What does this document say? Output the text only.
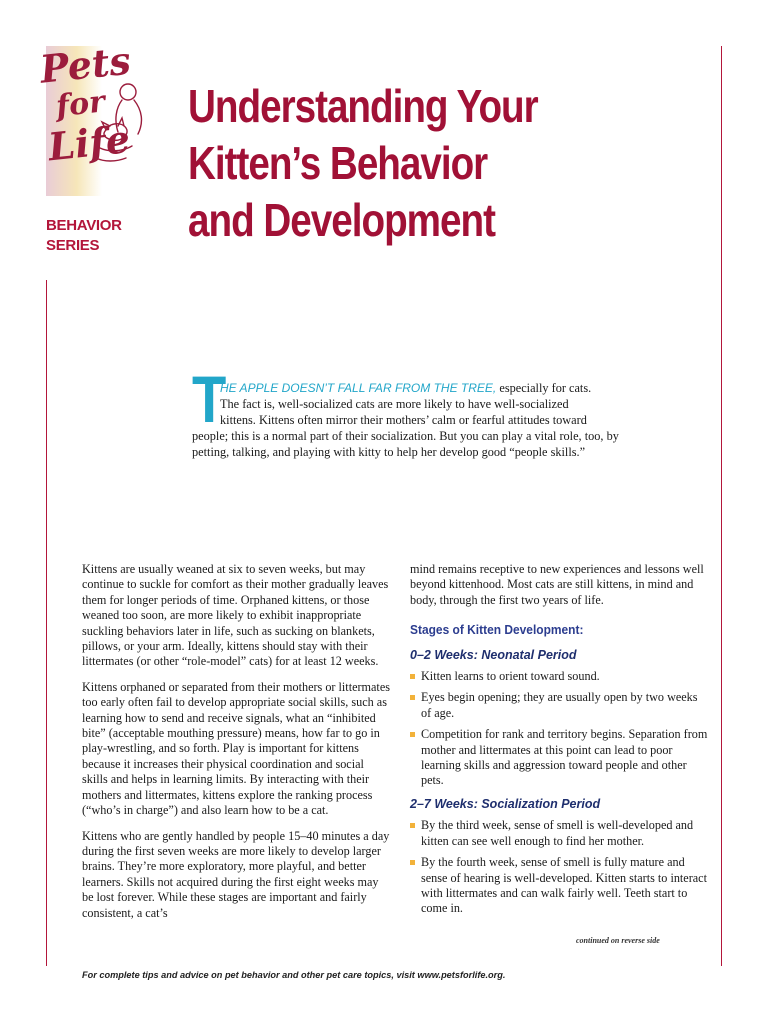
Pets
for
Life
BEHAVIOR
SERIES
Understanding Your
Kitten’s Behavior
and Development
T
HE APPLE DOESN’T FALL FAR FROM THE TREE, especially for cats.
The fact is, well-socialized cats are more likely to have well-socialized
kittens. Kittens often mirror their mothers’ calm or fearful attitudes toward
people; this is a normal part of their socialization. But you can play a vital role, too, by petting, talking, and playing with kitty to help her develop good “people skills.”

Kittens are usually weaned at six to seven weeks, but may continue to suckle for comfort as their mother gradually leaves them for longer periods of time. Orphaned kittens, or those weaned too soon, are more likely to exhibit inappropriate suckling behaviors later in life, such as sucking on blankets, pillows, or your arm. Ideally, kittens should stay with their littermates (or other “role-model” cats) for at least 12 weeks.

Kittens orphaned or separated from their mothers or littermates too early often fail to develop appropriate social skills, such as learning how to send and receive signals, what an “inhibited bite” (acceptable mouthing pressure) means, how far to go in play-wrestling, and so forth. Play is important for kittens because it increases their physical coordination and social skills and helps in learning limits. By interacting with their mothers and littermates, kittens explore the ranking process (“who’s in charge”) and also learn how to be a cat.

Kittens who are gently handled by people 15–40 minutes a day during the first seven weeks are more likely to develop larger brains. They’re more exploratory, more playful, and better learners. Skills not acquired during the first eight weeks may be lost forever. While these stages are important and fairly consistent, a cat’s

mind remains receptive to new experiences and lessons well beyond kittenhood. Most cats are still kittens, in mind and body, through the first two years of life.

Stages of Kitten Development:
0–2 Weeks: Neonatal Period
Kitten learns to orient toward sound.
Eyes begin opening; they are usually open by two weeks of age.
Competition for rank and territory begins. Separation from mother and littermates at this point can lead to poor learning skills and aggression toward people and other pets.
2–7 Weeks: Socialization Period
By the third week, sense of smell is well-developed and kitten can see well enough to find her mother.
By the fourth week, sense of smell is fully mature and sense of hearing is well-developed. Kitten starts to interact with littermates and can walk fairly well. Teeth start to come in.
continued on reverse side
For complete tips and advice on pet behavior and other pet care topics, visit www.petsforlife.org.
